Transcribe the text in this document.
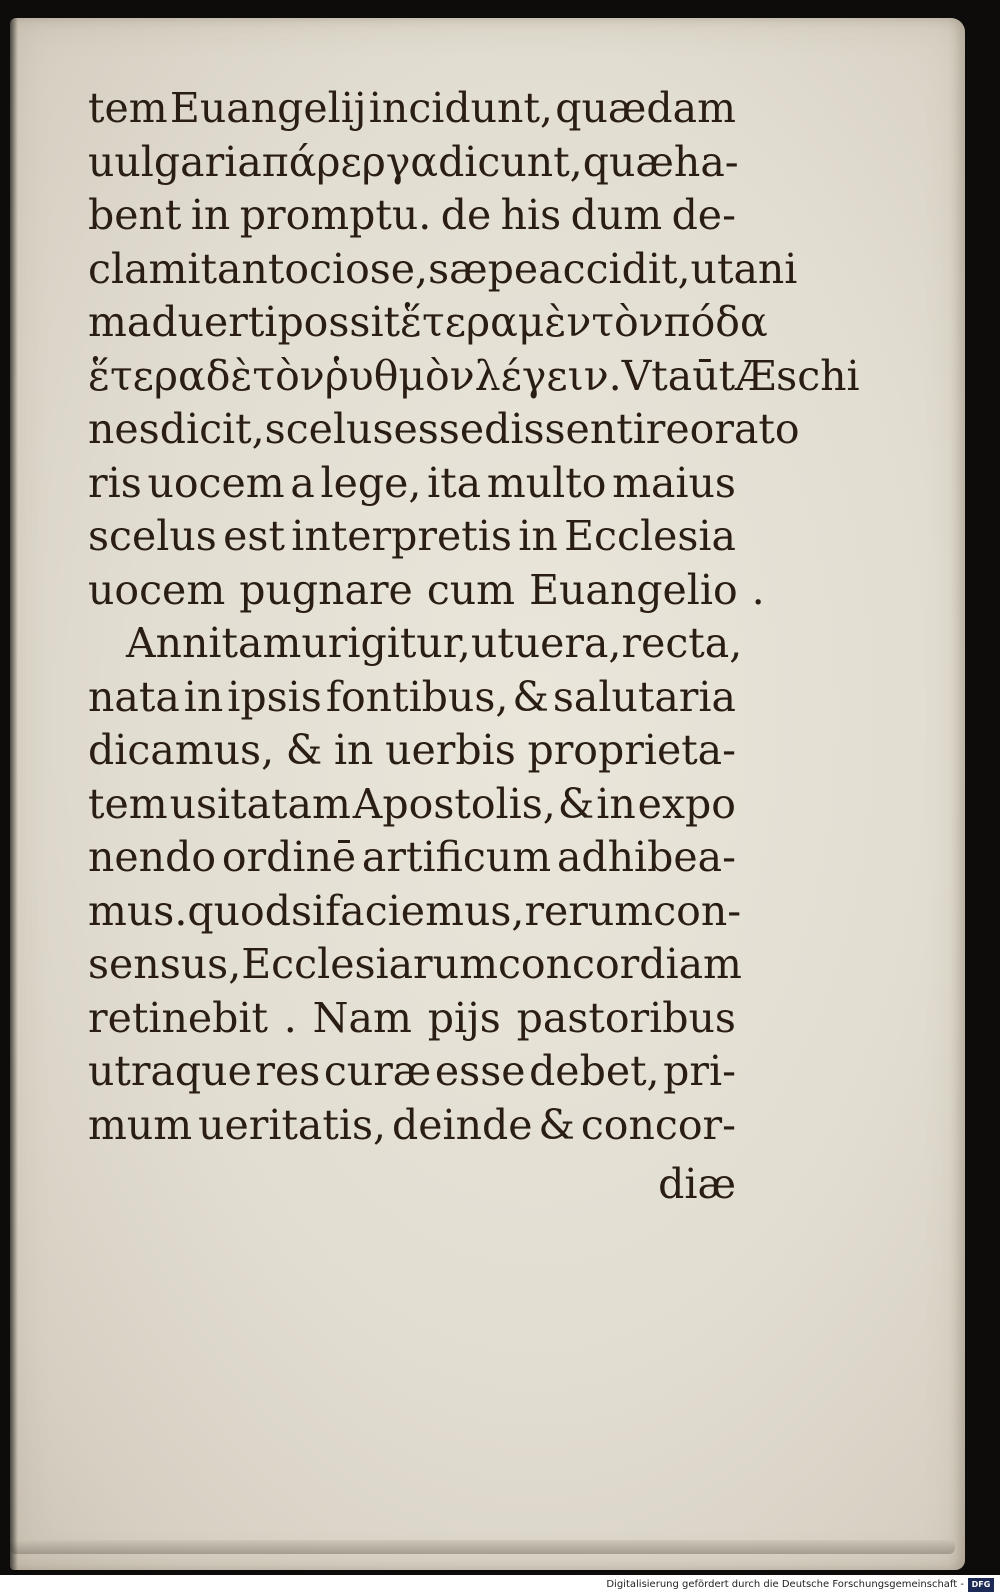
tem Euangelij incidunt, quædam
uulgaria πάρεργα dicunt, quæ ha-
bent in promptu. de his dum de-
clamitant ociose, sæpe accidit, ut ani
maduerti possit ἕτερα μὲν τὸν πόδα
ἕτερα δὲ τὸν ῥυθμὸν λέγειν. Vt aūt Æschi
nes dicit, scelus esse dissentire orato
ris uocem a lege, ita multo maius
scelus est interpretis in Ecclesia
uocem pugnare cum Euangelio .
Annitamur igitur, ut uera, recta,
nata in ipsis fontibus, & salutaria
dicamus, & in uerbis proprieta-
tem usitatam Apostolis, & in expo
nendo ordinē artificum adhibea-
mus. quod si faciemus, rerum con-
sensus, Ecclesiarum concordiam
retinebit . Nam pijs pastoribus
utraque res curæ esse debet, pri-
mum ueritatis, deinde & concor-
diæ
Digitalisierung gefördert durch die Deutsche Forschungsgemeinschaft - DFG
